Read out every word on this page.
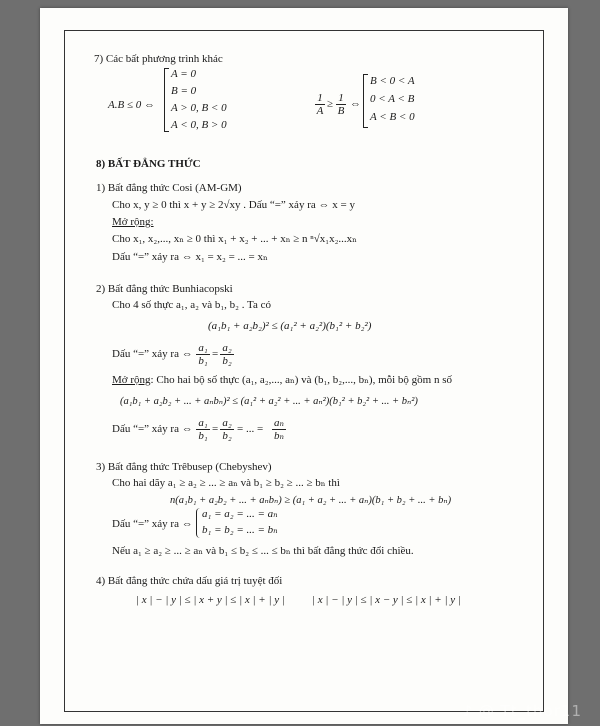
7) Các bất phương trình khác
A.B ≤ 0 ⇔
A = 0
B = 0
A > 0, B < 0
A < 0, B > 0
$\frac{1}{A} \ge \frac{1}{B}$ ⇔
B < 0 < A
0 < A < B
A < B < 0
8) BẤT ĐẲNG THỨC
1) Bất đẳng thức Cosi (AM-GM)
Cho x, y ≥ 0 thì x + y ≥ 2√xy . Dấu “=” xảy ra ⇔ x = y
Mở rộng:
Cho x₁, x₂,..., xₙ ≥ 0 thì x₁ + x₂ + ... + xₙ ≥ n ⁿ√x₁x₂...xₙ
Dấu “=” xảy ra ⇔ x₁ = x₂ = ... = xₙ
2) Bất đẳng thức Bunhiacopski
Cho 4 số thực a₁, a₂ và b₁, b₂ . Ta có
(a₁b₁ + a₂b₂)² ≤ (a₁² + a₂²)(b₁² + b₂²)
Dấu “=” xảy ra ⇔ $\frac{\text{a₁}}{\text{b₁}} = \frac{\text{a₂}}{\text{b₂}}$
Mở rộng: Cho hai bộ số thực (a₁, a₂,..., aₙ) và (b₁, b₂,..., bₙ), mỗi bộ gồm n số
(a₁b₁ + a₂b₂ + ... + aₙbₙ)² ≤ (a₁² + a₂² + ... + aₙ²)(b₁² + b₂² + ... + bₙ²)
Dấu “=” xảy ra ⇔ $\frac{\text{a₁}}{\text{b₁}} = \frac{\text{a₂}}{\text{b₂}}$ = ... = $\frac{\text{aₙ}}{\text{bₙ}}$
3) Bất đẳng thức Trêbusep (Chebyshev)
Cho hai dãy a₁ ≥ a₂ ≥ ... ≥ aₙ và b₁ ≥ b₂ ≥ ... ≥ bₙ thì
n(a₁b₁ + a₂b₂ + ... + aₙbₙ) ≥ (a₁ + a₂ + ... + aₙ)(b₁ + b₂ + ... + bₙ)
Dấu “=” xảy ra ⇔
a₁ = a₂ = ... = aₙ
b₁ = b₂ = ... = bₙ
Nếu a₁ ≥ a₂ ≥ ... ≥ aₙ và b₁ ≤ b₂ ≤ ... ≤ bₙ thì bất đẳng thức đổi chiều.
4) Bất đẳng thức chứa dấu giá trị tuyệt đối
| x | − | y | ≤ | x + y | ≤ | x | + | y | | x | − | y | ≤ | x − y | ≤ | x | + | y |
♪ @ Tt_thor11
